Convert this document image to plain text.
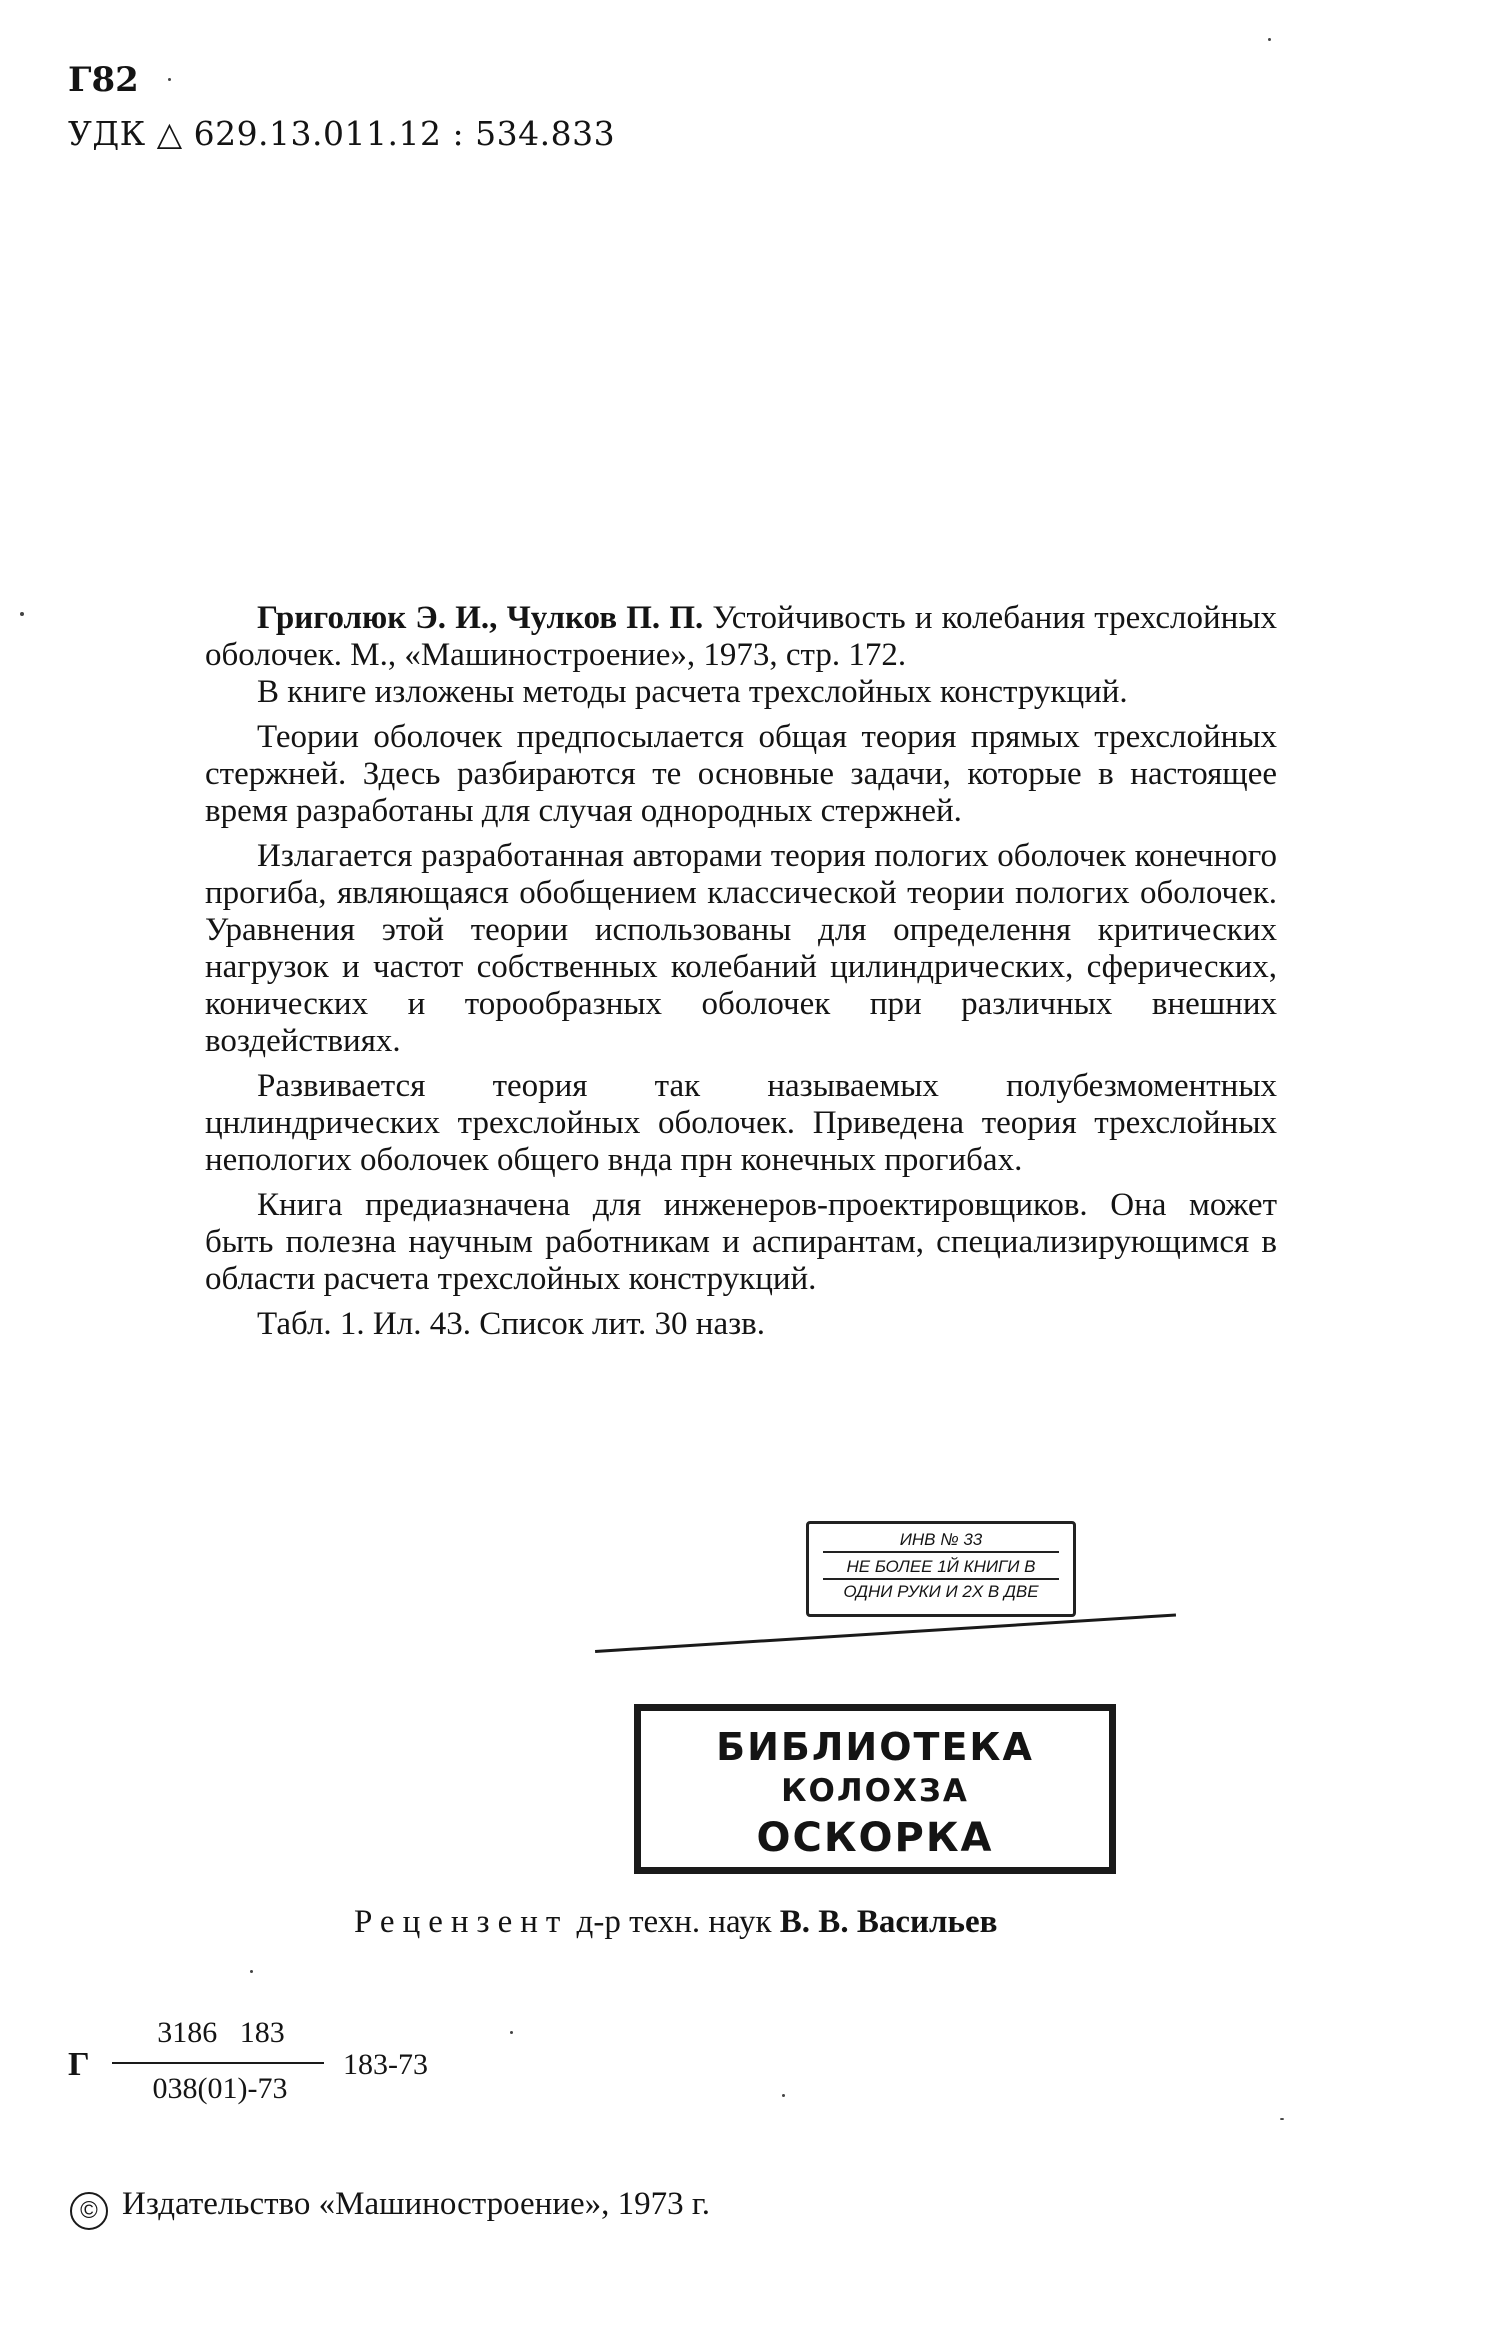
Г82
УДК △ 629.13.011.12 : 534.833

Григолюк Э. И., Чулков П. П. Устойчивость и колебания трехслойных оболочек. М., «Машиностроение», 1973, стр. 172.

В книге изложены методы расчета трехслойных конструкций.

Теории оболочек предпосылается общая теория прямых трехслойных стержней. Здесь разбираются те основные задачи, которые в настоящее время разработаны для случая однородных стержней.

Излагается разработанная авторами теория пологих оболочек конечного прогиба, являющаяся обобщением классической теории пологих оболочек. Уравнения этой теории использованы для определення критических нагрузок и частот собственных колебаний цилиндрических, сферических, конических и торообразных оболочек при различных внешних воздействиях.

Развивается теория так называемых полубезмоментных цнлиндрических трехслойных оболочек. Приведена теория трехслойных непологих оболочек общего внда прн конечных прогибах.

Книга предиазначена для инженеров-проектировщиков. Она может быть полезна научным работникам и аспирантам, специализирующимся в области расчета трехслойных конструкций.

Табл. 1. Ил. 43. Список лит. 30 назв.

ИНВ № 33
НЕ БОЛЕЕ 1Й КНИГИ В
ОДНИ РУКИ И 2Х В ДВЕ
БИБЛИОТЕКА
КОЛОХЗА
ОСКОРКА
Рецензент д-р техн. наук В. В. Васильев
Г
3186   183
038(01)-73
183-73
© Издательство «Машиностроение», 1973 г.
